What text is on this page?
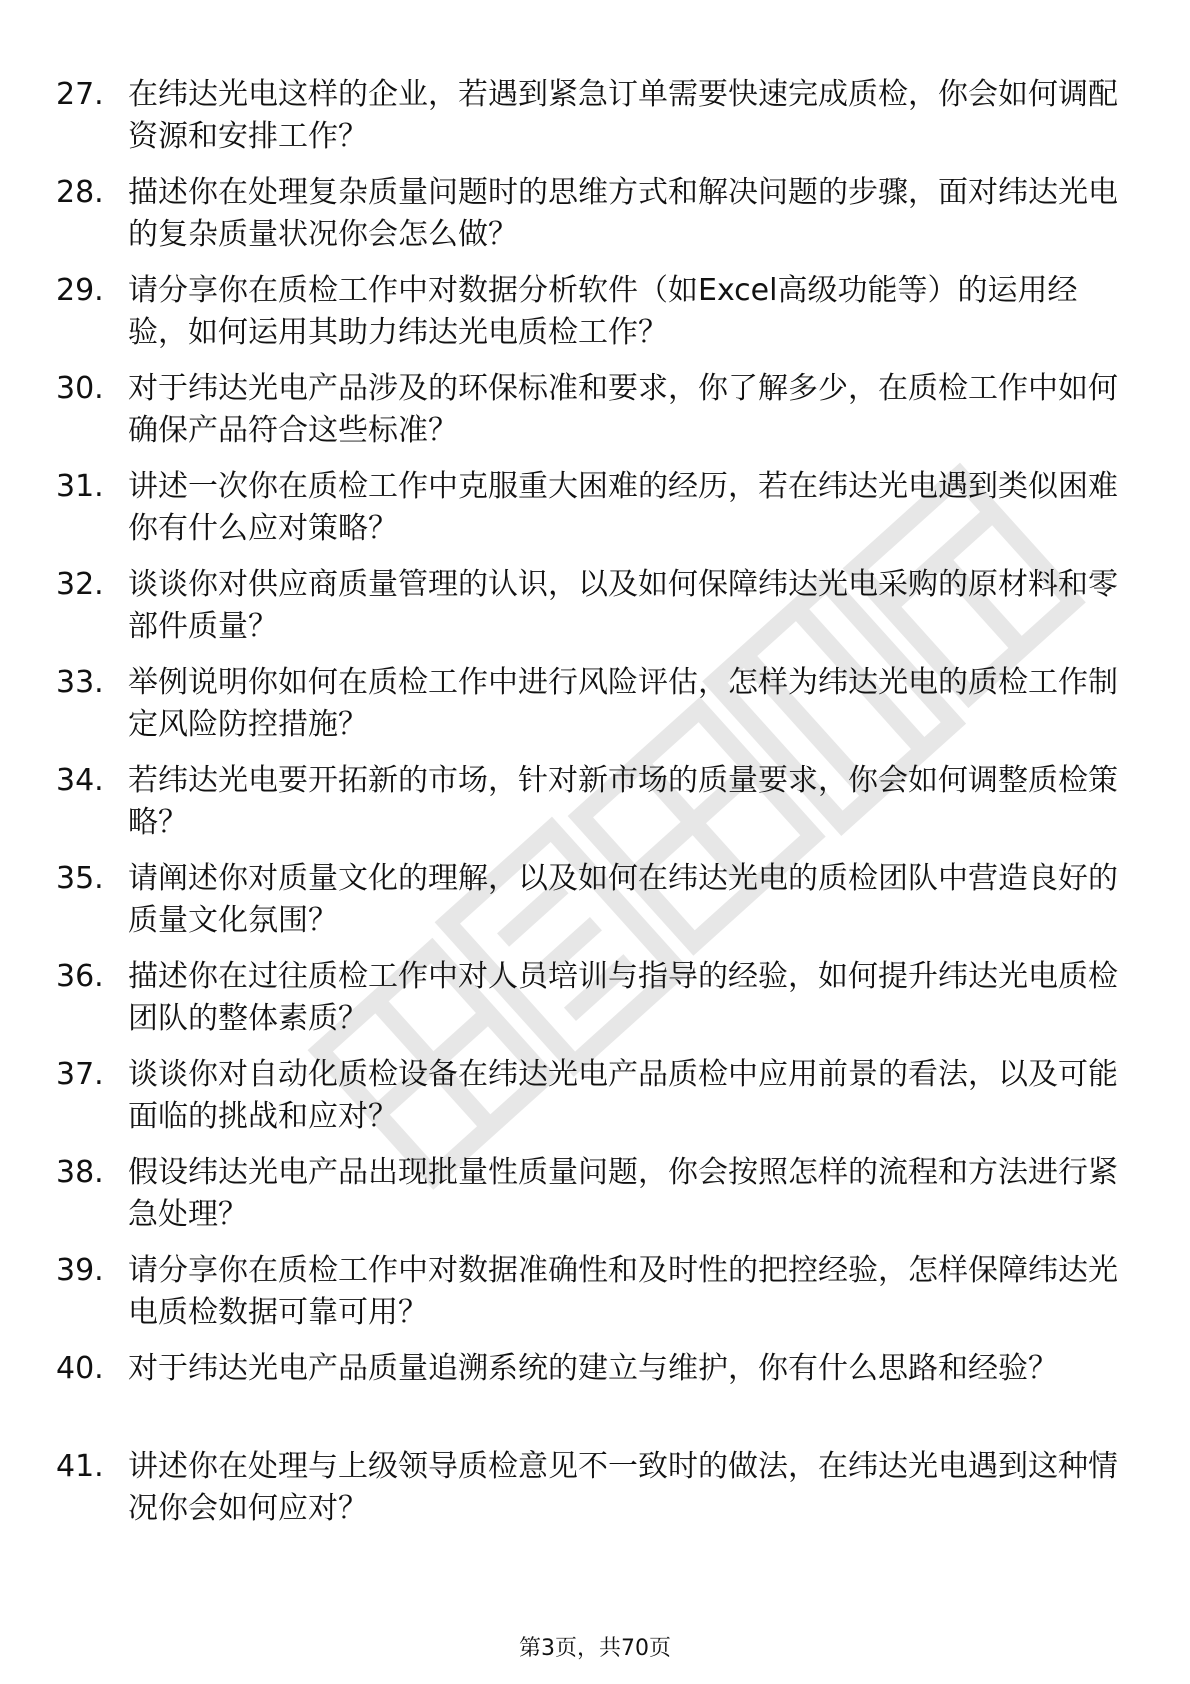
27. 在纬达光电这样的企业，若遇到紧急订单需要快速完成质检，你会如何调配资源和安排工作？
28. 描述你在处理复杂质量问题时的思维方式和解决问题的步骤，面对纬达光电的复杂质量状况你会怎么做？
29. 请分享你在质检工作中对数据分析软件（如Excel高级功能等）的运用经验，如何运用其助力纬达光电质检工作？
30. 对于纬达光电产品涉及的环保标准和要求，你了解多少，在质检工作中如何确保产品符合这些标准？
31. 讲述一次你在质检工作中克服重大困难的经历，若在纬达光电遇到类似困难你有什么应对策略？
32. 谈谈你对供应商质量管理的认识，以及如何保障纬达光电采购的原材料和零部件质量？
33. 举例说明你如何在质检工作中进行风险评估，怎样为纬达光电的质检工作制定风险防控措施？
34. 若纬达光电要开拓新的市场，针对新市场的质量要求，你会如何调整质检策略？
35. 请阐述你对质量文化的理解，以及如何在纬达光电的质检团队中营造良好的质量文化氛围？
36. 描述你在过往质检工作中对人员培训与指导的经验，如何提升纬达光电质检团队的整体素质？
37. 谈谈你对自动化质检设备在纬达光电产品质检中应用前景的看法，以及可能面临的挑战和应对？
38. 假设纬达光电产品出现批量性质量问题，你会按照怎样的流程和方法进行紧急处理？
39. 请分享你在质检工作中对数据准确性和及时性的把控经验，怎样保障纬达光电质检数据可靠可用？
40. 对于纬达光电产品质量追溯系统的建立与维护，你有什么思路和经验？
41. 讲述你在处理与上级领导质检意见不一致时的做法，在纬达光电遇到这种情况你会如何应对？
第3页，共70页
